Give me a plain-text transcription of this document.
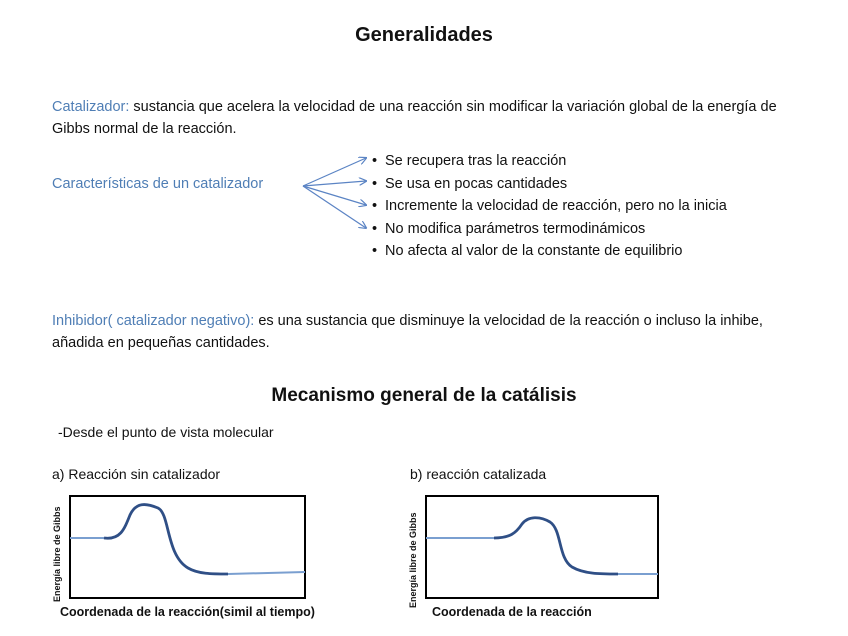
Generalidades
Catalizador: sustancia que acelera la velocidad de una reacción sin modificar la variación global de la energía de Gibbs normal de la reacción.
Características de un catalizador
• Se recupera tras la reacción
• Se usa en pocas cantidades
• Incremente la velocidad de reacción, pero no la inicia
• No modifica parámetros termodinámicos
• No afecta al valor de la constante de equilibrio
Inhibidor( catalizador negativo): es una sustancia que disminuye la velocidad de la reacción o incluso la inhibe, añadida en pequeñas cantidades.
Mecanismo general de la catálisis
-Desde el punto de vista molecular
a) Reacción sin catalizador
Energía libre de Gibbs
Coordenada de la reacción(simil al tiempo)
b) reacción catalizada
Energía libre de Gibbs
Coordenada de la reacción
